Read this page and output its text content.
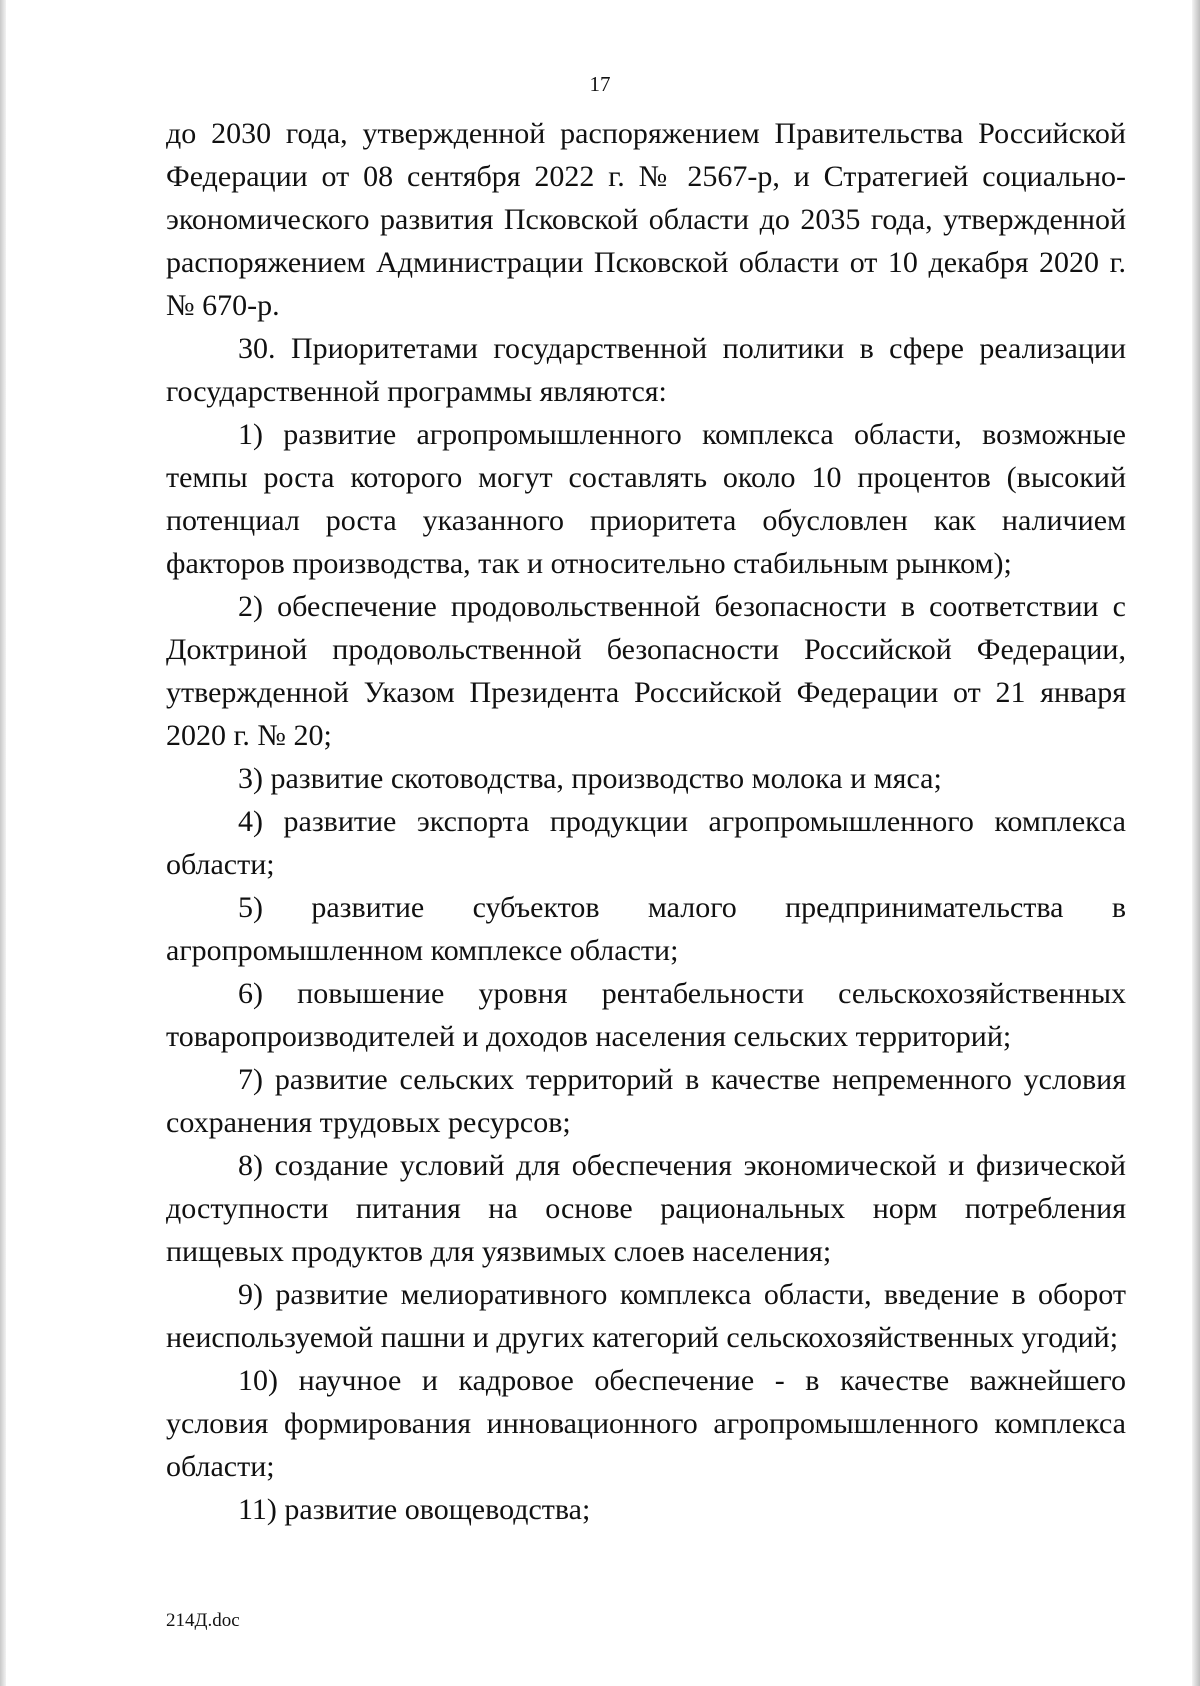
17

до 2030 года, утвержденной распоряжением Правительства Российской Федерации от 08 сентября 2022 г. № 2567-р, и Стратегией социально-экономического развития Псковской области до 2035 года, утвержденной распоряжением Администрации Псковской области от 10 декабря 2020 г. № 670-р.

30. Приоритетами государственной политики в сфере реализации государственной программы являются:

1) развитие агропромышленного комплекса области, возможные темпы роста которого могут составлять около 10 процентов (высокий потенциал роста указанного приоритета обусловлен как наличием факторов производства, так и относительно стабильным рынком);

2) обеспечение продовольственной безопасности в соответствии с Доктриной продовольственной безопасности Российской Федерации, утвержденной Указом Президента Российской Федерации от 21 января 2020 г. № 20;

3) развитие скотоводства, производство молока и мяса;

4) развитие экспорта продукции агропромышленного комплекса области;

5) развитие субъектов малого предпринимательства в агропромышленном комплексе области;

6) повышение уровня рентабельности сельскохозяйственных товаропроизводителей и доходов населения сельских территорий;

7) развитие сельских территорий в качестве непременного условия сохранения трудовых ресурсов;

8) создание условий для обеспечения экономической и физической доступности питания на основе рациональных норм потребления пищевых продуктов для уязвимых слоев населения;

9) развитие мелиоративного комплекса области, введение в оборот неиспользуемой пашни и других категорий сельскохозяйственных угодий;

10) научное и кадровое обеспечение - в качестве важнейшего условия формирования инновационного агропромышленного комплекса области;

11) развитие овощеводства;

214Д.doc
